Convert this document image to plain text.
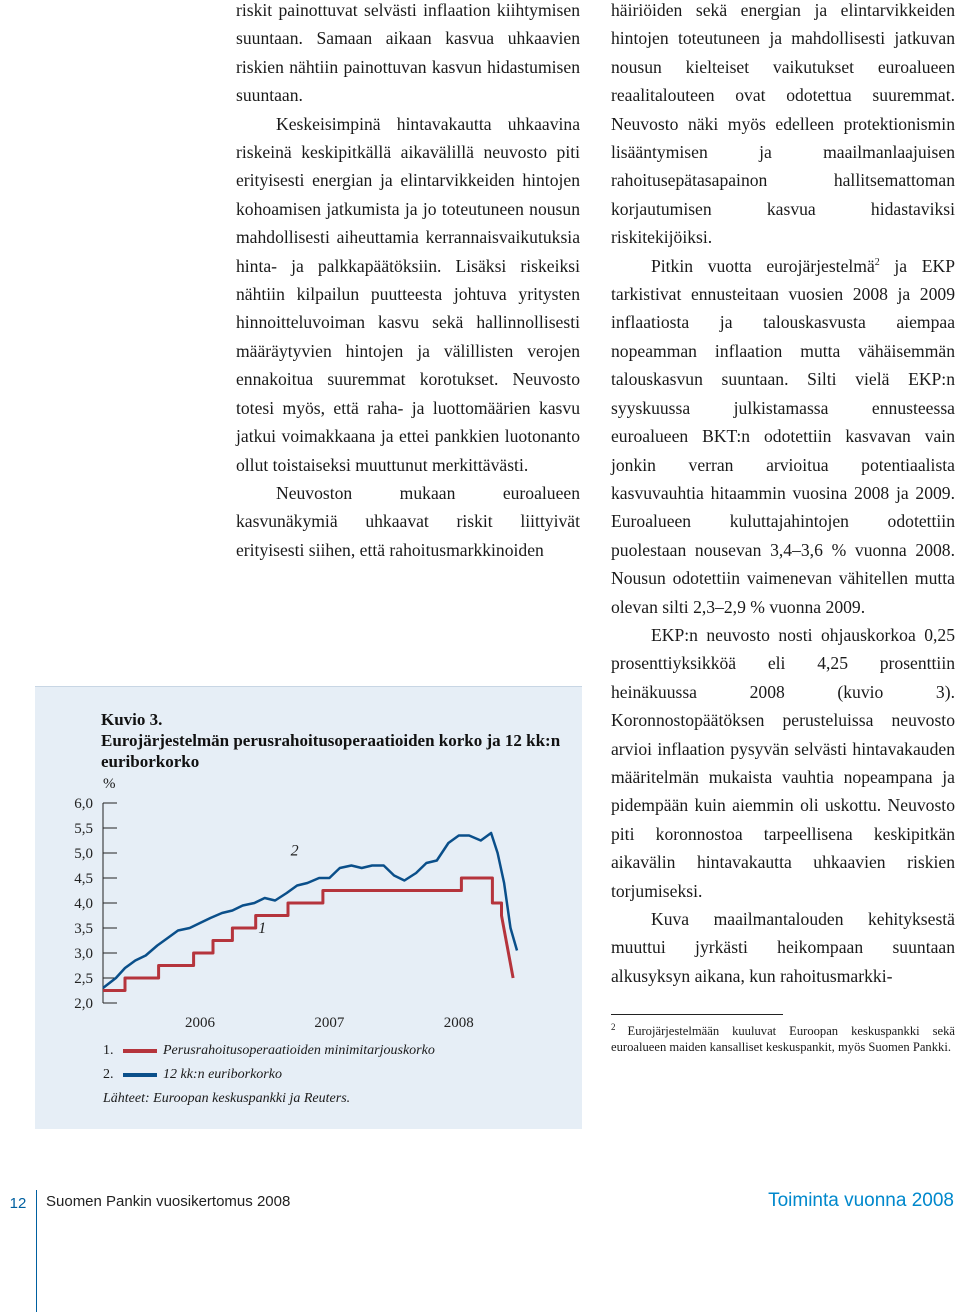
riskit painottuvat selvästi inflaation kiihtymisen suuntaan. Samaan aikaan kasvua uhkaavien riskien nähtiin painottuvan kasvun hidastumisen suuntaan.

Keskeisimpinä hintavakautta uhkaavina riskeinä keskipitkällä aikavälillä neuvosto piti erityisesti energian ja elintarvikkeiden hintojen kohoamisen jatkumista ja jo toteutuneen nousun mahdollisesti aiheuttamia kerrannaisvaikutuksia hinta- ja palkkapäätöksiin. Lisäksi riskeiksi nähtiin kilpailun puutteesta johtuva yritysten hinnoitteluvoiman kasvu sekä hallinnollisesti määräytyvien hintojen ja välillisten verojen ennakoitua suuremmat korotukset. Neuvosto totesi myös, että raha- ja luottomäärien kasvu jatkui voimakkaana ja ettei pankkien luotonanto ollut toistaiseksi muuttunut merkittävästi.

Neuvoston mukaan euroalueen kasvunäkymiä uhkaavat riskit liittyivät erityisesti siihen, että rahoitusmarkkinoiden

häiriöiden sekä energian ja elintarvikkeiden hintojen toteutuneen ja mahdollisesti jatkuvan nousun kielteiset vaikutukset euroalueen reaalitalouteen ovat odotettua suuremmat. Neuvosto näki myös edelleen protektionismin lisääntymisen ja maailmanlaajuisen rahoitusepätasapainon hallitsemattoman korjautumisen kasvua hidastaviksi riskitekijöiksi.

Pitkin vuotta eurojärjestelmä$^2$ ja EKP tarkistivat ennusteitaan vuosien 2008 ja 2009 inflaatiosta ja talouskasvusta aiempaa nopeamman inflaation mutta vähäisemmän talouskasvun suuntaan. Silti vielä EKP:n syyskuussa julkistamassa ennusteessa euroalueen BKT:n odotettiin kasvavan vain jonkin verran arvioitua potentiaalista kasvuvauhtia hitaammin vuosina 2008 ja 2009. Euroalueen kuluttajahintojen odotettiin puolestaan nousevan 3,4–3,6 % vuonna 2008. Nousun odotettiin vaimenevan vähitellen mutta olevan silti 2,3–2,9 % vuonna 2009.

EKP:n neuvosto nosti ohjauskorkoa 0,25 prosenttiyksikköä eli 4,25 prosenttiin heinäkuussa 2008 (kuvio 3). Koronnostopäätöksen perusteluissa neuvosto arvioi inflaation pysyvän selvästi hintavakauden määritelmän mukaista vauhtia nopeampana ja pidempään kuin aiemmin oli uskottu. Neuvosto piti koronnostoa tarpeellisena keskipitkän aikavälin hintavakautta uhkaavien riskien torjumiseksi.

Kuva maailmantalouden kehityksestä muuttui jyrkästi heikompaan suuntaan alkusyksyn aikana, kun rahoitusmarkki-

$^2$ Eurojärjestelmään kuuluvat Euroopan keskuspankki sekä euroalueen maiden kansalliset keskuspankit, myös Suomen Pankki.
Kuvio 3.
Eurojärjestelmän perusrahoitusoperaatioiden korko ja 12 kk:n euriborkorko
%
6,0
5,5
5,0
4,5
4,0
3,5
3,0
2,5
2,0
2006	2007	2008
1
2
1.	Perusrahoitusoperaatioiden minimitarjouskorko
2.	12 kk:n euriborkorko
Lähteet: Euroopan keskuspankki ja Reuters.
12	Suomen Pankin vuosikertomus 2008	Toiminta vuonna 2008
